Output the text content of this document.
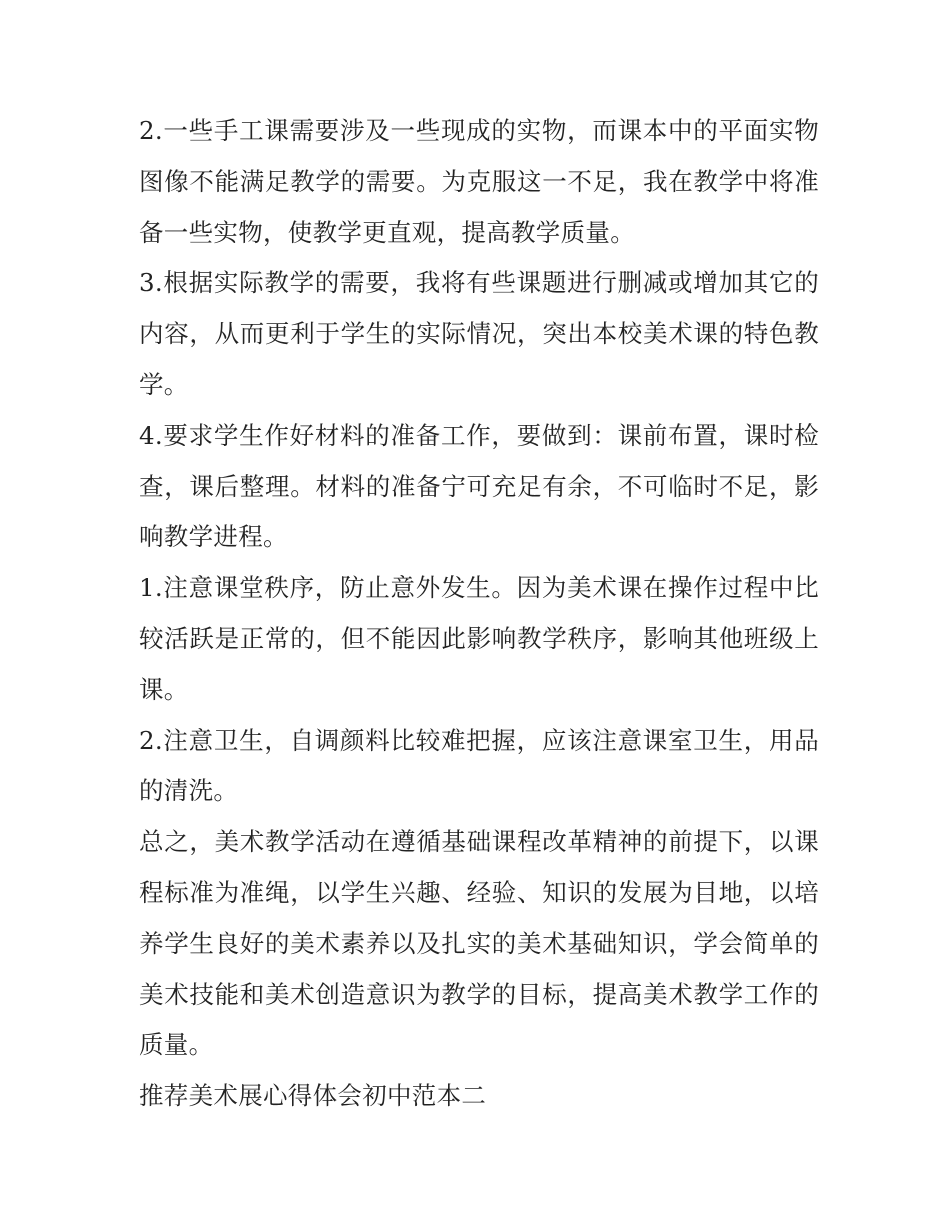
2.一些手工课需要涉及一些现成的实物，而课本中的平面实物图像不能满足教学的需要。为克服这一不足，我在教学中将准备一些实物，使教学更直观，提高教学质量。

3.根据实际教学的需要，我将有些课题进行删减或增加其它的内容，从而更利于学生的实际情况，突出本校美术课的特色教学。

4.要求学生作好材料的准备工作，要做到：课前布置，课时检查，课后整理。材料的准备宁可充足有余，不可临时不足，影响教学进程。

1.注意课堂秩序，防止意外发生。因为美术课在操作过程中比较活跃是正常的，但不能因此影响教学秩序，影响其他班级上课。

2.注意卫生，自调颜料比较难把握，应该注意课室卫生，用品的清洗。

总之，美术教学活动在遵循基础课程改革精神的前提下，以课程标准为准绳，以学生兴趣、经验、知识的发展为目地，以培养学生良好的美术素养以及扎实的美术基础知识，学会简单的美术技能和美术创造意识为教学的目标，提高美术教学工作的质量。

推荐美术展心得体会初中范本二
